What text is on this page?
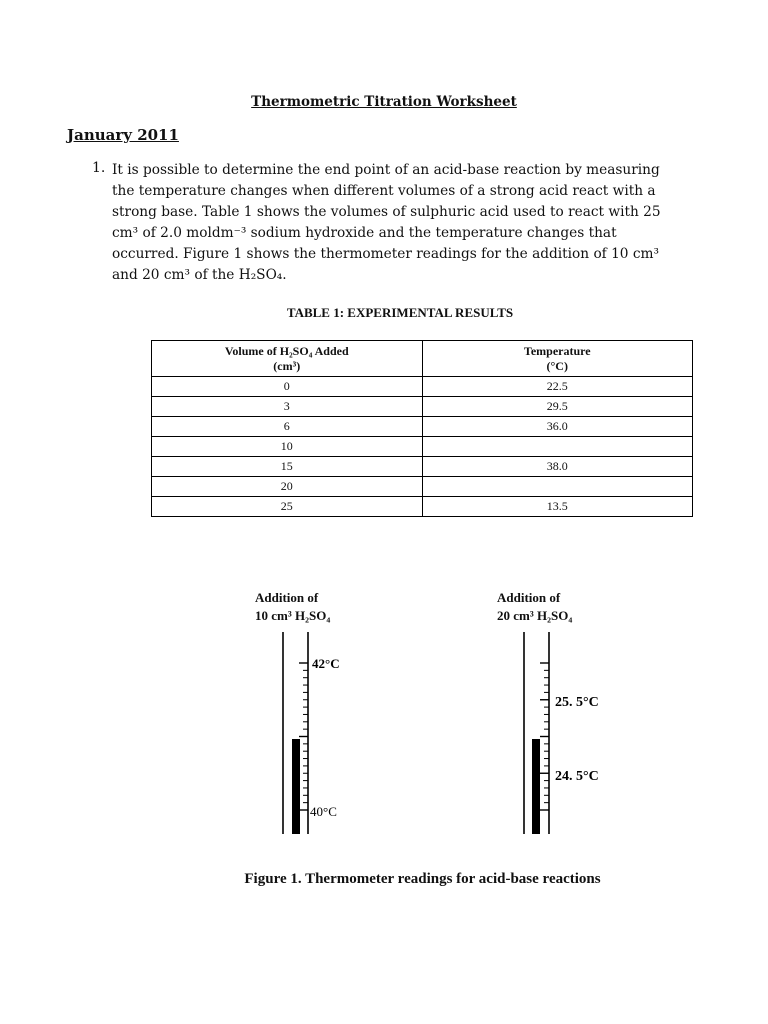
Thermometric Titration Worksheet
January 2011
1. It is possible to determine the end point of an acid-base reaction by measuring
the temperature changes when different volumes of a strong acid react with a
strong base. Table 1 shows the volumes of sulphuric acid used to react with 25
cm³ of 2.0 moldm⁻³ sodium hydroxide and the temperature changes that
occurred. Figure 1 shows the thermometer readings for the addition of 10 cm³
and 20 cm³ of the H₂SO₄.
TABLE 1: EXPERIMENTAL RESULTS
Volume of H₂SO₄ Added
(cm³)	Temperature
(°C)
0	22.5
3	29.5
6	36.0
10	
15	38.0
20	
25	13.5
Addition of
10 cm³ H₂SO₄
42°C
40°C
Addition of
20 cm³ H₂SO₄
25. 5°C
24. 5°C
Figure 1. Thermometer readings for acid-base reactions
